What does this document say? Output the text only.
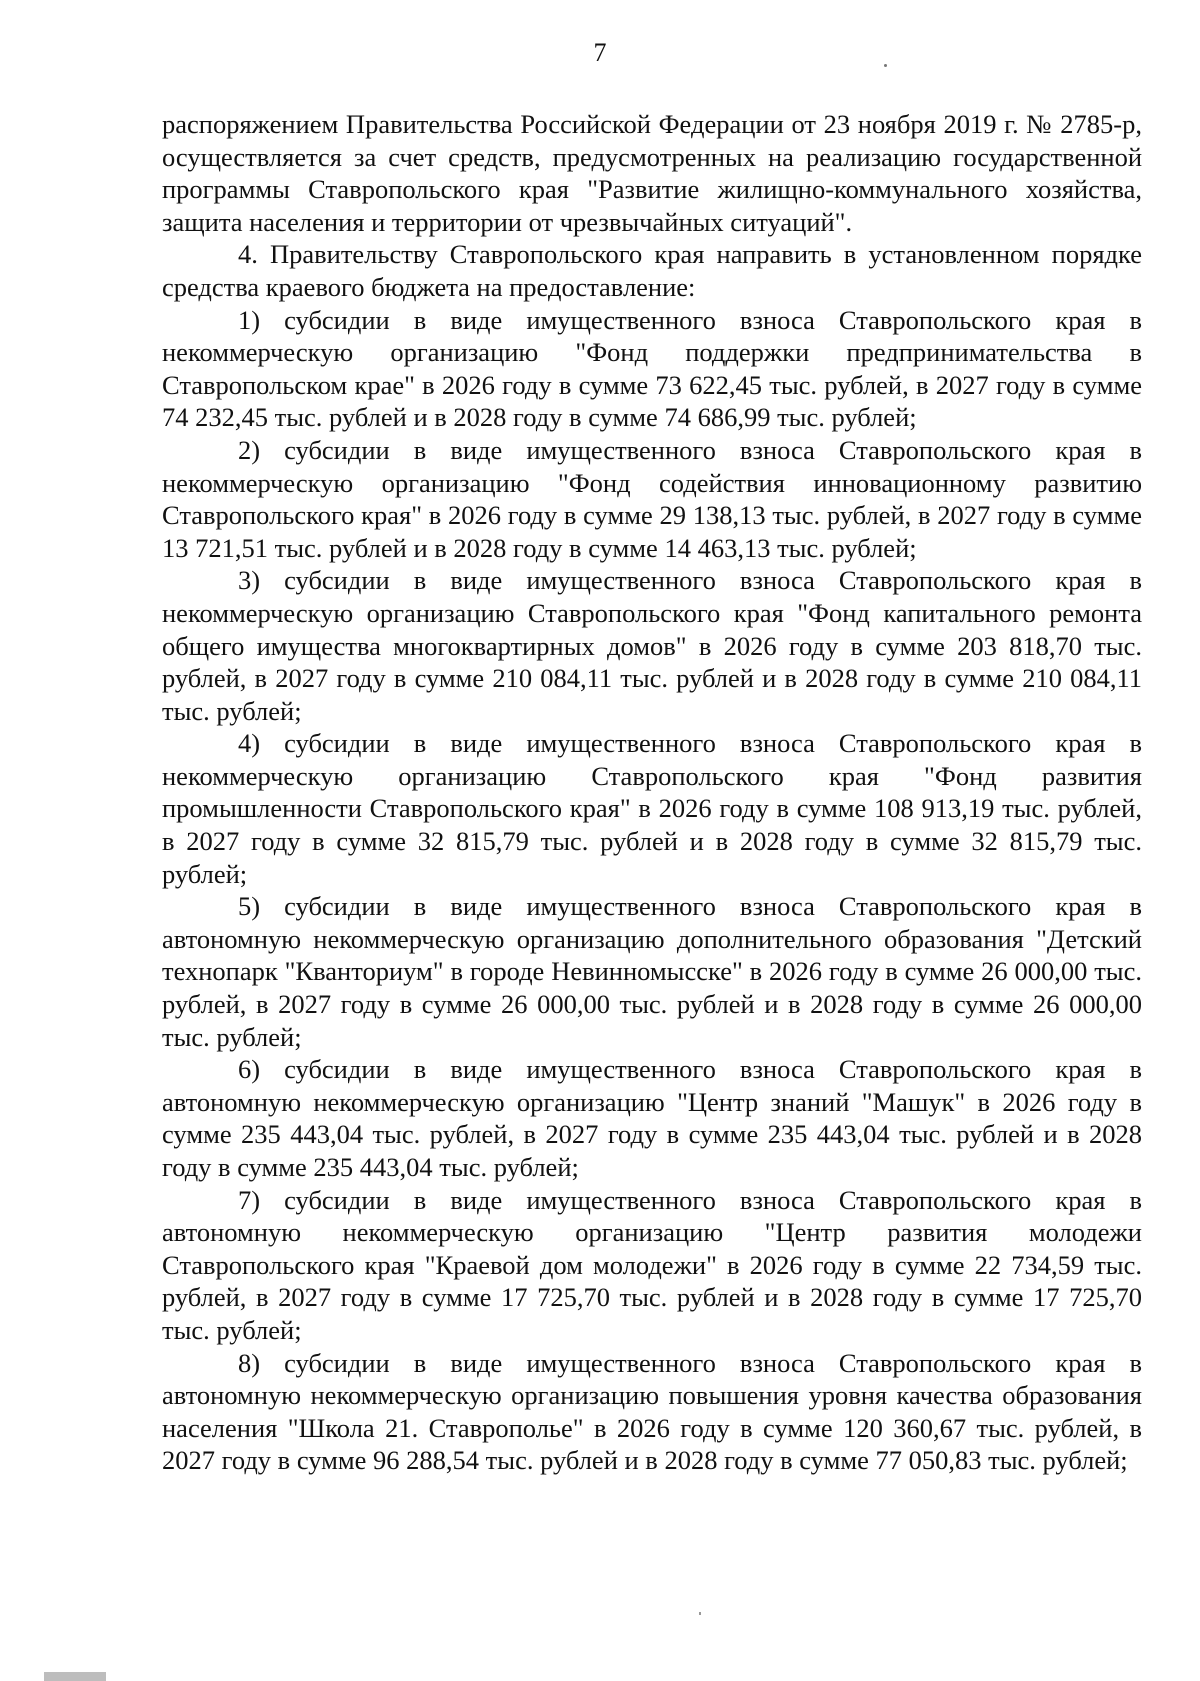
7

распоряжением Правительства Российской Федерации от 23 ноября 2019 г. № 2785-р, осуществляется за счет средств, предусмотренных на реализацию государственной программы Ставропольского края "Развитие жилищно-коммунального хозяйства, защита населения и территории от чрезвычайных ситуаций".

4. Правительству Ставропольского края направить в установленном порядке средства краевого бюджета на предоставление:

1) субсидии в виде имущественного взноса Ставропольского края в некоммерческую организацию "Фонд поддержки предпринимательства в Ставропольском крае" в 2026 году в сумме 73 622,45 тыс. рублей, в 2027 году в сумме 74 232,45 тыс. рублей и в 2028 году в сумме 74 686,99 тыс. рублей;

2) субсидии в виде имущественного взноса Ставропольского края в некоммерческую организацию "Фонд содействия инновационному развитию Ставропольского края" в 2026 году в сумме 29 138,13 тыс. рублей, в 2027 году в сумме 13 721,51 тыс. рублей и в 2028 году в сумме 14 463,13 тыс. рублей;

3) субсидии в виде имущественного взноса Ставропольского края в некоммерческую организацию Ставропольского края "Фонд капитального ремонта общего имущества многоквартирных домов" в 2026 году в сумме 203 818,70 тыс. рублей, в 2027 году в сумме 210 084,11 тыс. рублей и в 2028 году в сумме 210 084,11 тыс. рублей;

4) субсидии в виде имущественного взноса Ставропольского края в некоммерческую организацию Ставропольского края "Фонд развития промышленности Ставропольского края" в 2026 году в сумме 108 913,19 тыс. рублей, в 2027 году в сумме 32 815,79 тыс. рублей и в 2028 году в сумме 32 815,79 тыс. рублей;

5) субсидии в виде имущественного взноса Ставропольского края в автономную некоммерческую организацию дополнительного образования "Детский технопарк "Кванториум" в городе Невинномысске" в 2026 году в сумме 26 000,00 тыс. рублей, в 2027 году в сумме 26 000,00 тыс. рублей и в 2028 году в сумме 26 000,00 тыс. рублей;

6) субсидии в виде имущественного взноса Ставропольского края в автономную некоммерческую организацию "Центр знаний "Машук" в 2026 году в сумме 235 443,04 тыс. рублей, в 2027 году в сумме 235 443,04 тыс. рублей и в 2028 году в сумме 235 443,04 тыс. рублей;

7) субсидии в виде имущественного взноса Ставропольского края в автономную некоммерческую организацию "Центр развития молодежи Ставропольского края "Краевой дом молодежи" в 2026 году в сумме 22 734,59 тыс. рублей, в 2027 году в сумме 17 725,70 тыс. рублей и в 2028 году в сумме 17 725,70 тыс. рублей;

8) субсидии в виде имущественного взноса Ставропольского края в автономную некоммерческую организацию повышения уровня качества образования населения "Школа 21. Ставрополье" в 2026 году в сумме 120 360,67 тыс. рублей, в 2027 году в сумме 96 288,54 тыс. рублей и в 2028 году в сумме 77 050,83 тыс. рублей;
